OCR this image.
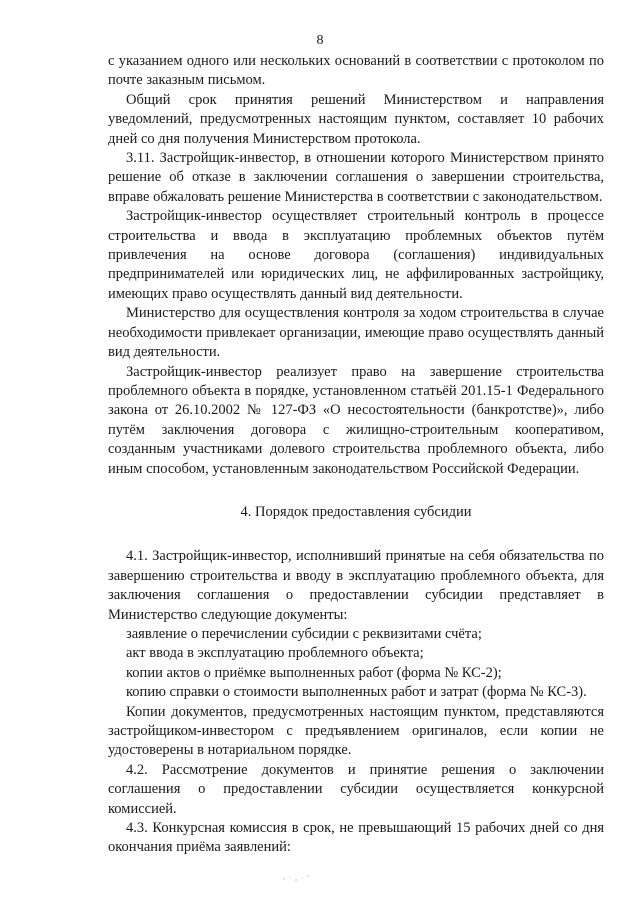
8

с указанием одного или нескольких оснований в соответствии с протоколом по почте заказным письмом.

Общий срок принятия решений Министерством и направления уведомлений, предусмотренных настоящим пунктом, составляет 10 рабочих дней со дня получения Министерством протокола.

3.11. Застройщик-инвестор, в отношении которого Министерством принято решение об отказе в заключении соглашения о завершении строительства, вправе обжаловать решение Министерства в соответствии с законодательством.

Застройщик-инвестор осуществляет строительный контроль в процессе строительства и ввода в эксплуатацию проблемных объектов путём привлечения на основе договора (соглашения) индивидуальных предпринимателей или юридических лиц, не аффилированных застройщику, имеющих право осуществлять данный вид деятельности.

Министерство для осуществления контроля за ходом строительства в случае необходимости привлекает организации, имеющие право осуществлять данный вид деятельности.

Застройщик-инвестор реализует право на завершение строительства проблемного объекта в порядке, установленном статьёй 201.15-1 Федерального закона от 26.10.2002 № 127-ФЗ «О несостоятельности (банкротстве)», либо путём заключения договора с жилищно-строительным кооперативом, созданным участниками долевого строительства проблемного объекта, либо иным способом, установленным законодательством Российской Федерации.

4. Порядок предоставления субсидии

4.1. Застройщик-инвестор, исполнивший принятые на себя обязательства по завершению строительства и вводу в эксплуатацию проблемного объекта, для заключения соглашения о предоставлении субсидии представляет в Министерство следующие документы:

заявление о перечислении субсидии с реквизитами счёта;

акт ввода в эксплуатацию проблемного объекта;

копии актов о приёмке выполненных работ (форма № КС-2);

копию справки о стоимости выполненных работ и затрат (форма № КС-3).

Копии документов, предусмотренных настоящим пунктом, представляются застройщиком-инвестором с предъявлением оригиналов, если копии не удостоверены в нотариальном порядке.

4.2. Рассмотрение документов и принятие решения о заключении соглашения о предоставлении субсидии осуществляется конкурсной комиссией.

4.3. Конкурсная комиссия в срок, не превышающий 15 рабочих дней со дня окончания приёма заявлений:
